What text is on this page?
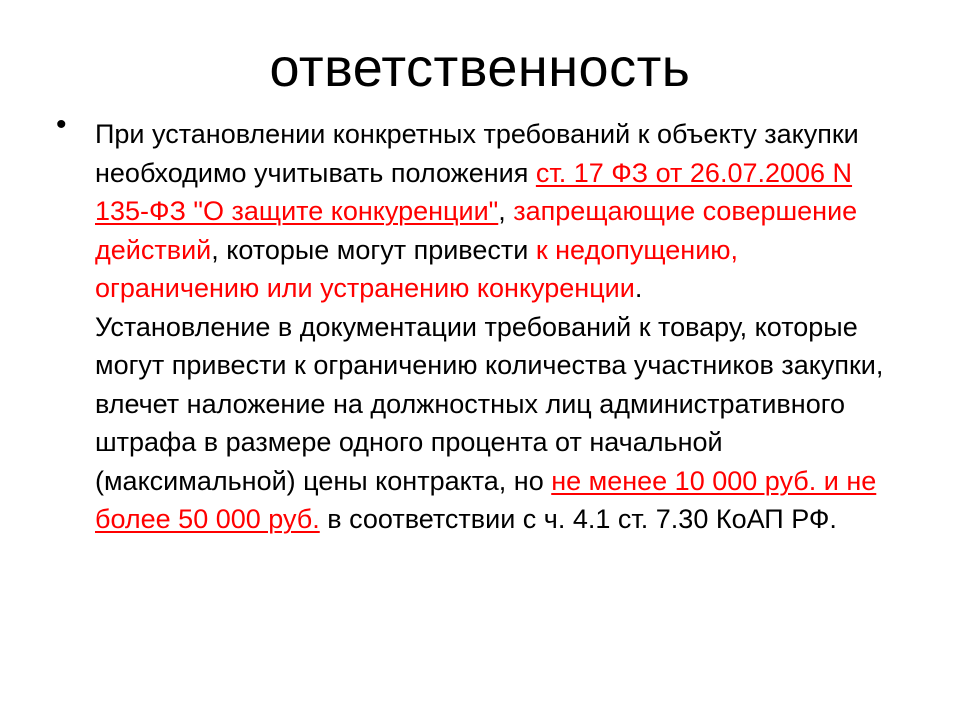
ответственность
• При установлении конкретных требований к объекту закупки необходимо учитывать положения ст. 17 ФЗ от 26.07.2006 N 135-ФЗ "О защите конкуренции", запрещающие совершение действий, которые могут привести к недопущению, ограничению или устранению конкуренции.
Установление в документации требований к товару, которые могут привести к ограничению количества участников закупки, влечет наложение на должностных лиц административного штрафа в размере одного процента от начальной (максимальной) цены контракта, но не менее 10 000 руб. и не более 50 000 руб. в соответствии с ч. 4.1 ст. 7.30 КоАП РФ.
